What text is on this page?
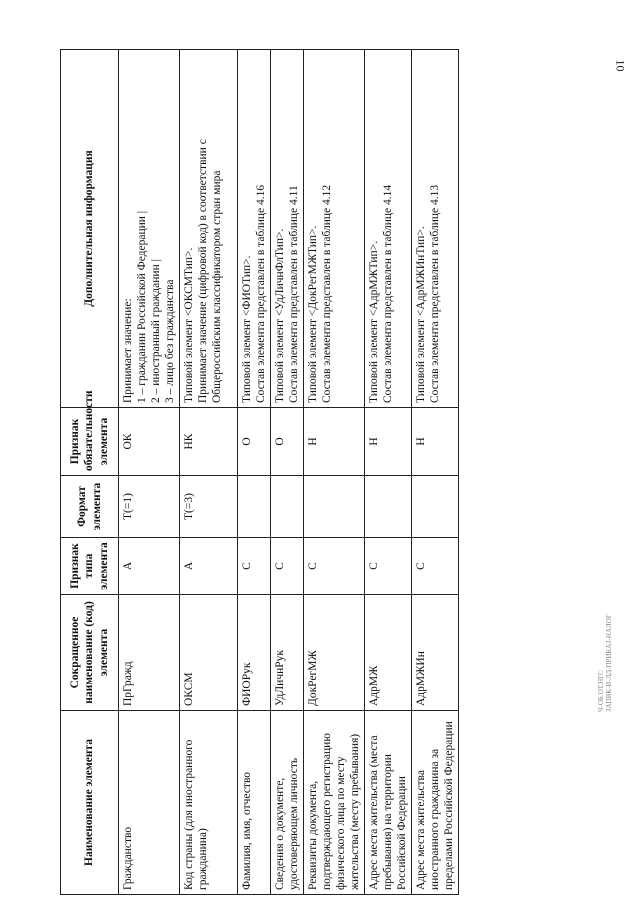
10
Ч-ОБ.ОТ.НГС ЗАПВК-И-ЛД-ПРИКАЗ-НАЛОГ
Наименование элемента	Сокращенное наименование (код) элемента	Признак типа элемента	Формат элемента	Признак обязательности элемента	Дополнительная информация
Гражданство	ПрГражд	А	Т(=1)	ОК	Принимает значение: 1 – гражданин Российской Федерации | 2 – иностранный гражданин | 3 – лицо без гражданства

Код страны (для иностранного гражданина)	ОКСМ	А	Т(=3)	НК	Типовой элемент <ОКСМТип>. Принимает значение (цифровой код) в соответствии с Общероссийским классификатором стран мира

Фамилия, имя, отчество	ФИОРук	С		О	Типовой элемент <ФИОТип>. Состав элемента представлен в таблице 4.16

Сведения о документе, удостоверяющем личность	УдЛичнРук	С		О	Типовой элемент <УдЛичнФлТип>. Состав элемента представлен в таблице 4.11

Реквизиты документа, подтверждающего регистрацию физического лица по месту жительства (месту пребывания)	ДокРегМЖ	С		Н	Типовой элемент <ДокРегМЖТип>. Состав элемента представлен в таблице 4.12

Адрес места жительства (места пребывания) на территории Российской Федерации	АдрМЖ	С		Н	Типовой элемент <АдрМЖТип>. Состав элемента представлен в таблице 4.14

Адрес места жительства иностранного гражданина за пределами Российской Федерации	АдрМЖИн	С		Н	Типовой элемент <АдрМЖИнТип>. Состав элемента представлен в таблице 4.13
